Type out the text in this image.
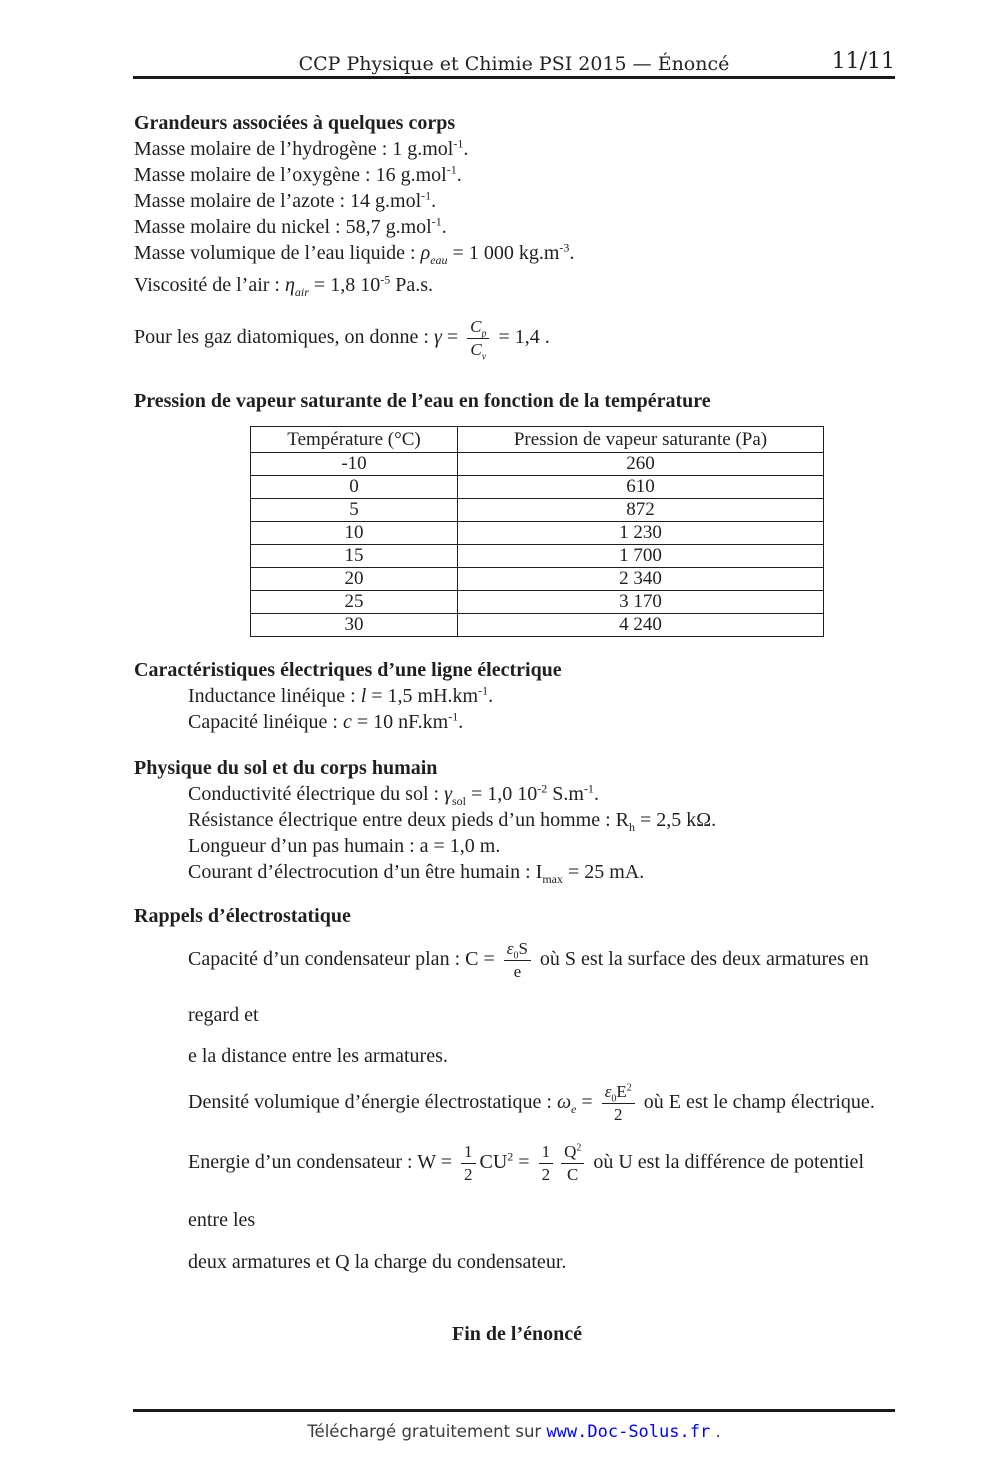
CCP Physique et Chimie PSI 2015 — Énoncé	11/11

Grandeurs associées à quelques corps

Masse molaire de l’hydrogène : 1 g.mol$^{-1}$.

Masse molaire de l’oxygène : 16 g.mol$^{-1}$.

Masse molaire de l’azote : 14 g.mol$^{-1}$.

Masse molaire du nickel : 58,7 g.mol$^{-1}$.

Masse volumique de l’eau liquide : $\rho_{eau} = 1$ 000 $kg.m^{-3}$.

Viscosité de l’air : $\eta_{air} = 1,8$ $10^{-5}$ Pa.s.

Pour les gaz diatomiques, on donne : $\gamma = \frac{C_p}{C_v} = 1,4$ .

Pression de vapeur saturante de l’eau en fonction de la température

Température (°C)	Pression de vapeur saturante (Pa)
-10	260
0	610
5	872
10	1 230
15	1 700
20	2 340
25	3 170
30	4 240

Caractéristiques électriques d’une ligne électrique

Inductance linéique : l = 1,5 $mH.km^{-1}$.

Capacité linéique : c = 10 $nF.km^{-1}$.

Physique du sol et du corps humain

Conductivité électrique du sol : $\gamma_{sol} = 1,0$ $10^{-2}$ $S.m^{-1}$.

Résistance électrique entre deux pieds d’un homme : $R_h = 2,5$ kΩ.

Longueur d’un pas humain : a = 1,0 m.

Courant d’électrocution d’un être humain : $I_{max} = 25$ mA.

Rappels d’électrostatique

Capacité d’un condensateur plan : $C = \frac{\varepsilon_0S}{e}$ où S est la surface des deux armatures en regard et

e la distance entre les armatures.

Densité volumique d’énergie électrostatique : $\omega_e = \frac{\varepsilon_0E^2}{2}$ où E est le champ électrique.

Energie d’un condensateur : $W = \frac{1}{2} CU^2 = \frac{1}{2} \frac{Q^2}{C}$ où U est la différence de potentiel entre les

deux armatures et Q la charge du condensateur.

Fin de l’énoncé

Téléchargé gratuitement sur www.Doc-Solus.fr .
